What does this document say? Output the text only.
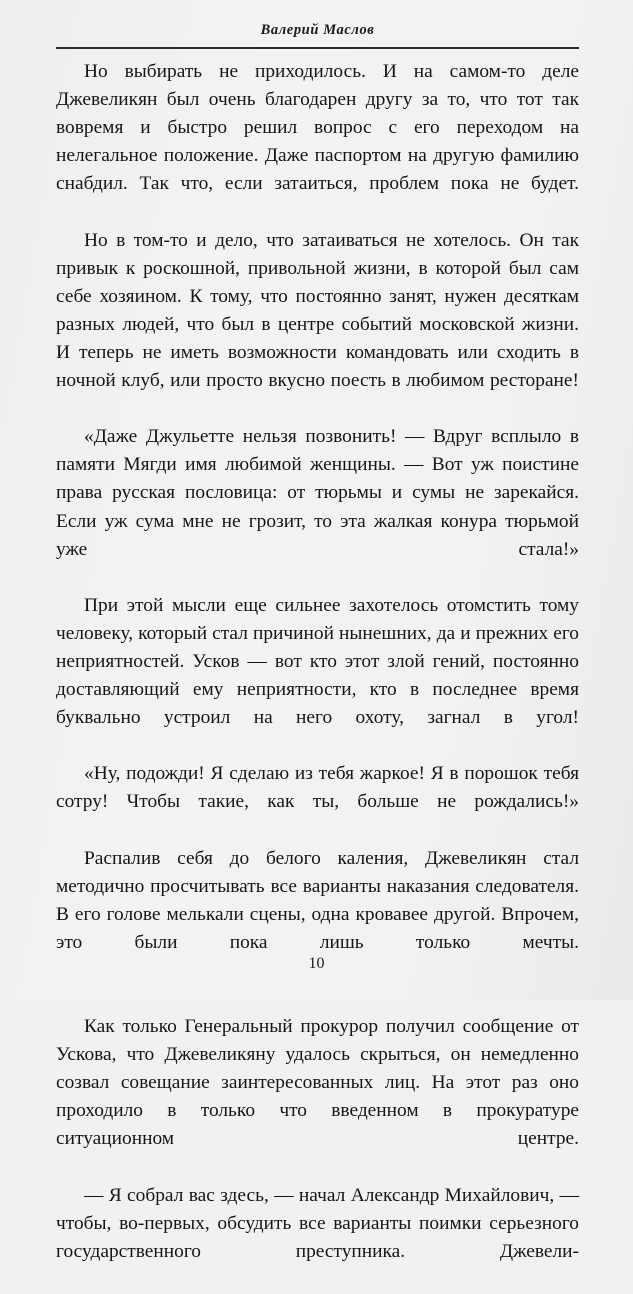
Валерий Маслов

Но выбирать не приходилось. И на самом-то деле Джевеликян был очень благодарен другу за то, что тот так вовремя и быстро решил вопрос с его переходом на нелегальное положение. Даже паспортом на другую фамилию снабдил. Так что, если затаиться, проблем пока не будет.

Но в том-то и дело, что затаиваться не хотелось. Он так привык к роскошной, привольной жизни, в которой был сам себе хозяином. К тому, что постоянно занят, нужен десяткам разных людей, что был в центре событий московской жизни. И теперь не иметь возможности командовать или сходить в ночной клуб, или просто вкусно поесть в любимом ресторане!

«Даже Джульетте нельзя позвонить! — Вдруг всплыло в памяти Мягди имя любимой женщины. — Вот уж поистине права русская пословица: от тюрьмы и сумы не зарекайся. Если уж сума мне не грозит, то эта жалкая конура тюрьмой уже стала!»

При этой мысли еще сильнее захотелось отомстить тому человеку, который стал причиной нынешних, да и прежних его неприятностей. Усков — вот кто этот злой гений, постоянно доставляющий ему неприятности, кто в последнее время буквально устроил на него охоту, загнал в угол!

«Ну, подожди! Я сделаю из тебя жаркое! Я в порошок тебя сотру! Чтобы такие, как ты, больше не рождались!»

Распалив себя до белого каления, Джевеликян стал методично просчитывать все варианты наказания следователя. В его голове мелькали сцены, одна кровавее другой. Впрочем, это были пока лишь только мечты.

Как только Генеральный прокурор получил сообщение от Ускова, что Джевеликяну удалось скрыться, он немедленно созвал совещание заинтересованных лиц. На этот раз оно проходило в только что введенном в прокуратуре ситуационном центре.

— Я собрал вас здесь, — начал Александр Михайлович, — чтобы, во-первых, обсудить все варианты поимки серьезного государственного преступника. Джевели-

10
